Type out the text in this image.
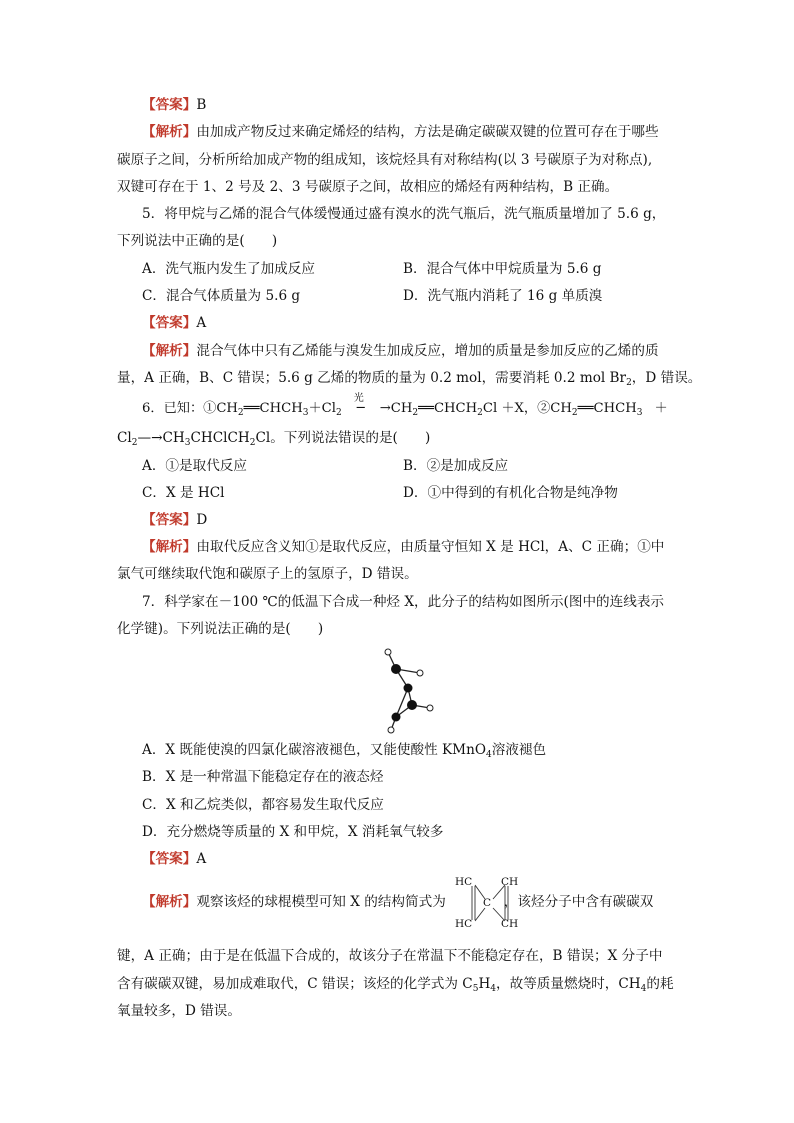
【答案】B
【解析】由加成产物反过来确定烯烃的结构，方法是确定碳碳双键的位置可存在于哪些
碳原子之间，分析所给加成产物的组成知，该烷烃具有对称结构(以 3 号碳原子为对称点),
双键可存在于 1、2 号及 2、3 号碳原子之间，故相应的烯烃有两种结构，B 正确。
5．将甲烷与乙烯的混合气体缓慢通过盛有溴水的洗气瓶后，洗气瓶质量增加了 5.6 g，
下列说法中正确的是(　　)
A．洗气瓶内发生了加成反应	B．混合气体中甲烷质量为 5.6 g
C．混合气体质量为 5.6 g	D．洗气瓶内消耗了 16 g 单质溴
【答案】A
【解析】混合气体中只有乙烯能与溴发生加成反应，增加的质量是参加反应的乙烯的质
量，A 正确，B、C 错误；5.6 g 乙烯的物质的量为 0.2 mol，需要消耗 0.2 mol $Br_2$，D 错误。
6．已知：$①CH_2══CHCH_3+Cl_2$
光
─ $\to CH_2══CHCH_2Cl +X$，$②CH_2══CHCH_3$ ＋
$Cl_2—\to CH_3CHClCH_2Cl$。下列说法错误的是(　　)
A．①是取代反应	B．②是加成反应
C．X 是 HCl	D．①中得到的有机化合物是纯净物
【答案】D
【解析】由取代反应含义知①是取代反应，由质量守恒知 X 是 HCl，A、C 正确；①中
氯气可继续取代饱和碳原子上的氢原子，D 错误。
7．科学家在－100 ℃的低温下合成一种烃 X，此分子的结构如图所示(图中的连线表示
化学键)。下列说法正确的是(　　)
A．X 既能使溴的四氯化碳溶液褪色，又能使酸性 KMnO$_4$溶液褪色
B．X 是一种常温下能稳定存在的液态烃
C．X 和乙烷类似，都容易发生取代反应
D．充分燃烧等质量的 X 和甲烷，X 消耗氧气较多
【答案】A
HC	CH
C
HC	CH
【解析】观察该烃的球棍模型可知 X 的结构简式为	，该烃分子中含有碳碳双
键，A 正确；由于是在低温下合成的，故该分子在常温下不能稳定存在，B 错误；X 分子中
含有碳碳双键，易加成难取代，C 错误；该烃的化学式为 $C_5H_4$，故等质量燃烧时，$CH_4$的耗
氧量较多，D 错误。
